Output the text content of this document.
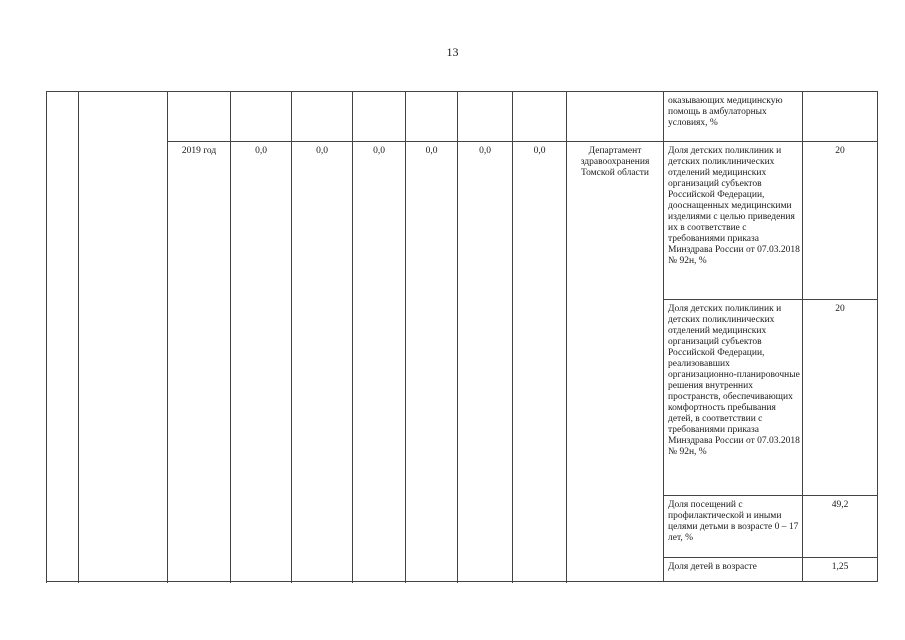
13
										оказывающих медицинскую помощь в амбулаторных условиях, %	
		2019 год	0,0	0,0	0,0	0,0	0,0	0,0	Департамент здравоохранения Томской области	Доля детских поликлиник и детских поликлинических отделений медицинских организаций субъектов Российской Федерации, дооснащенных медицинскими изделиями с целью приведения их в соответствие с требованиями приказа Минздрава России от 07.03.2018 № 92н, %	20
										Доля детских поликлиник и детских поликлинических отделений медицинских организаций субъектов Российской Федерации, реализовавших организационно-планировочные решения внутренних пространств, обеспечивающих комфортность пребывания детей, в соответствии с требованиями приказа Минздрава России от 07.03.2018 № 92н, %	20
										Доля посещений с профилактической и иными целями детьми в возрасте 0 – 17 лет, %	49,2
										Доля детей в возрасте	1,25
